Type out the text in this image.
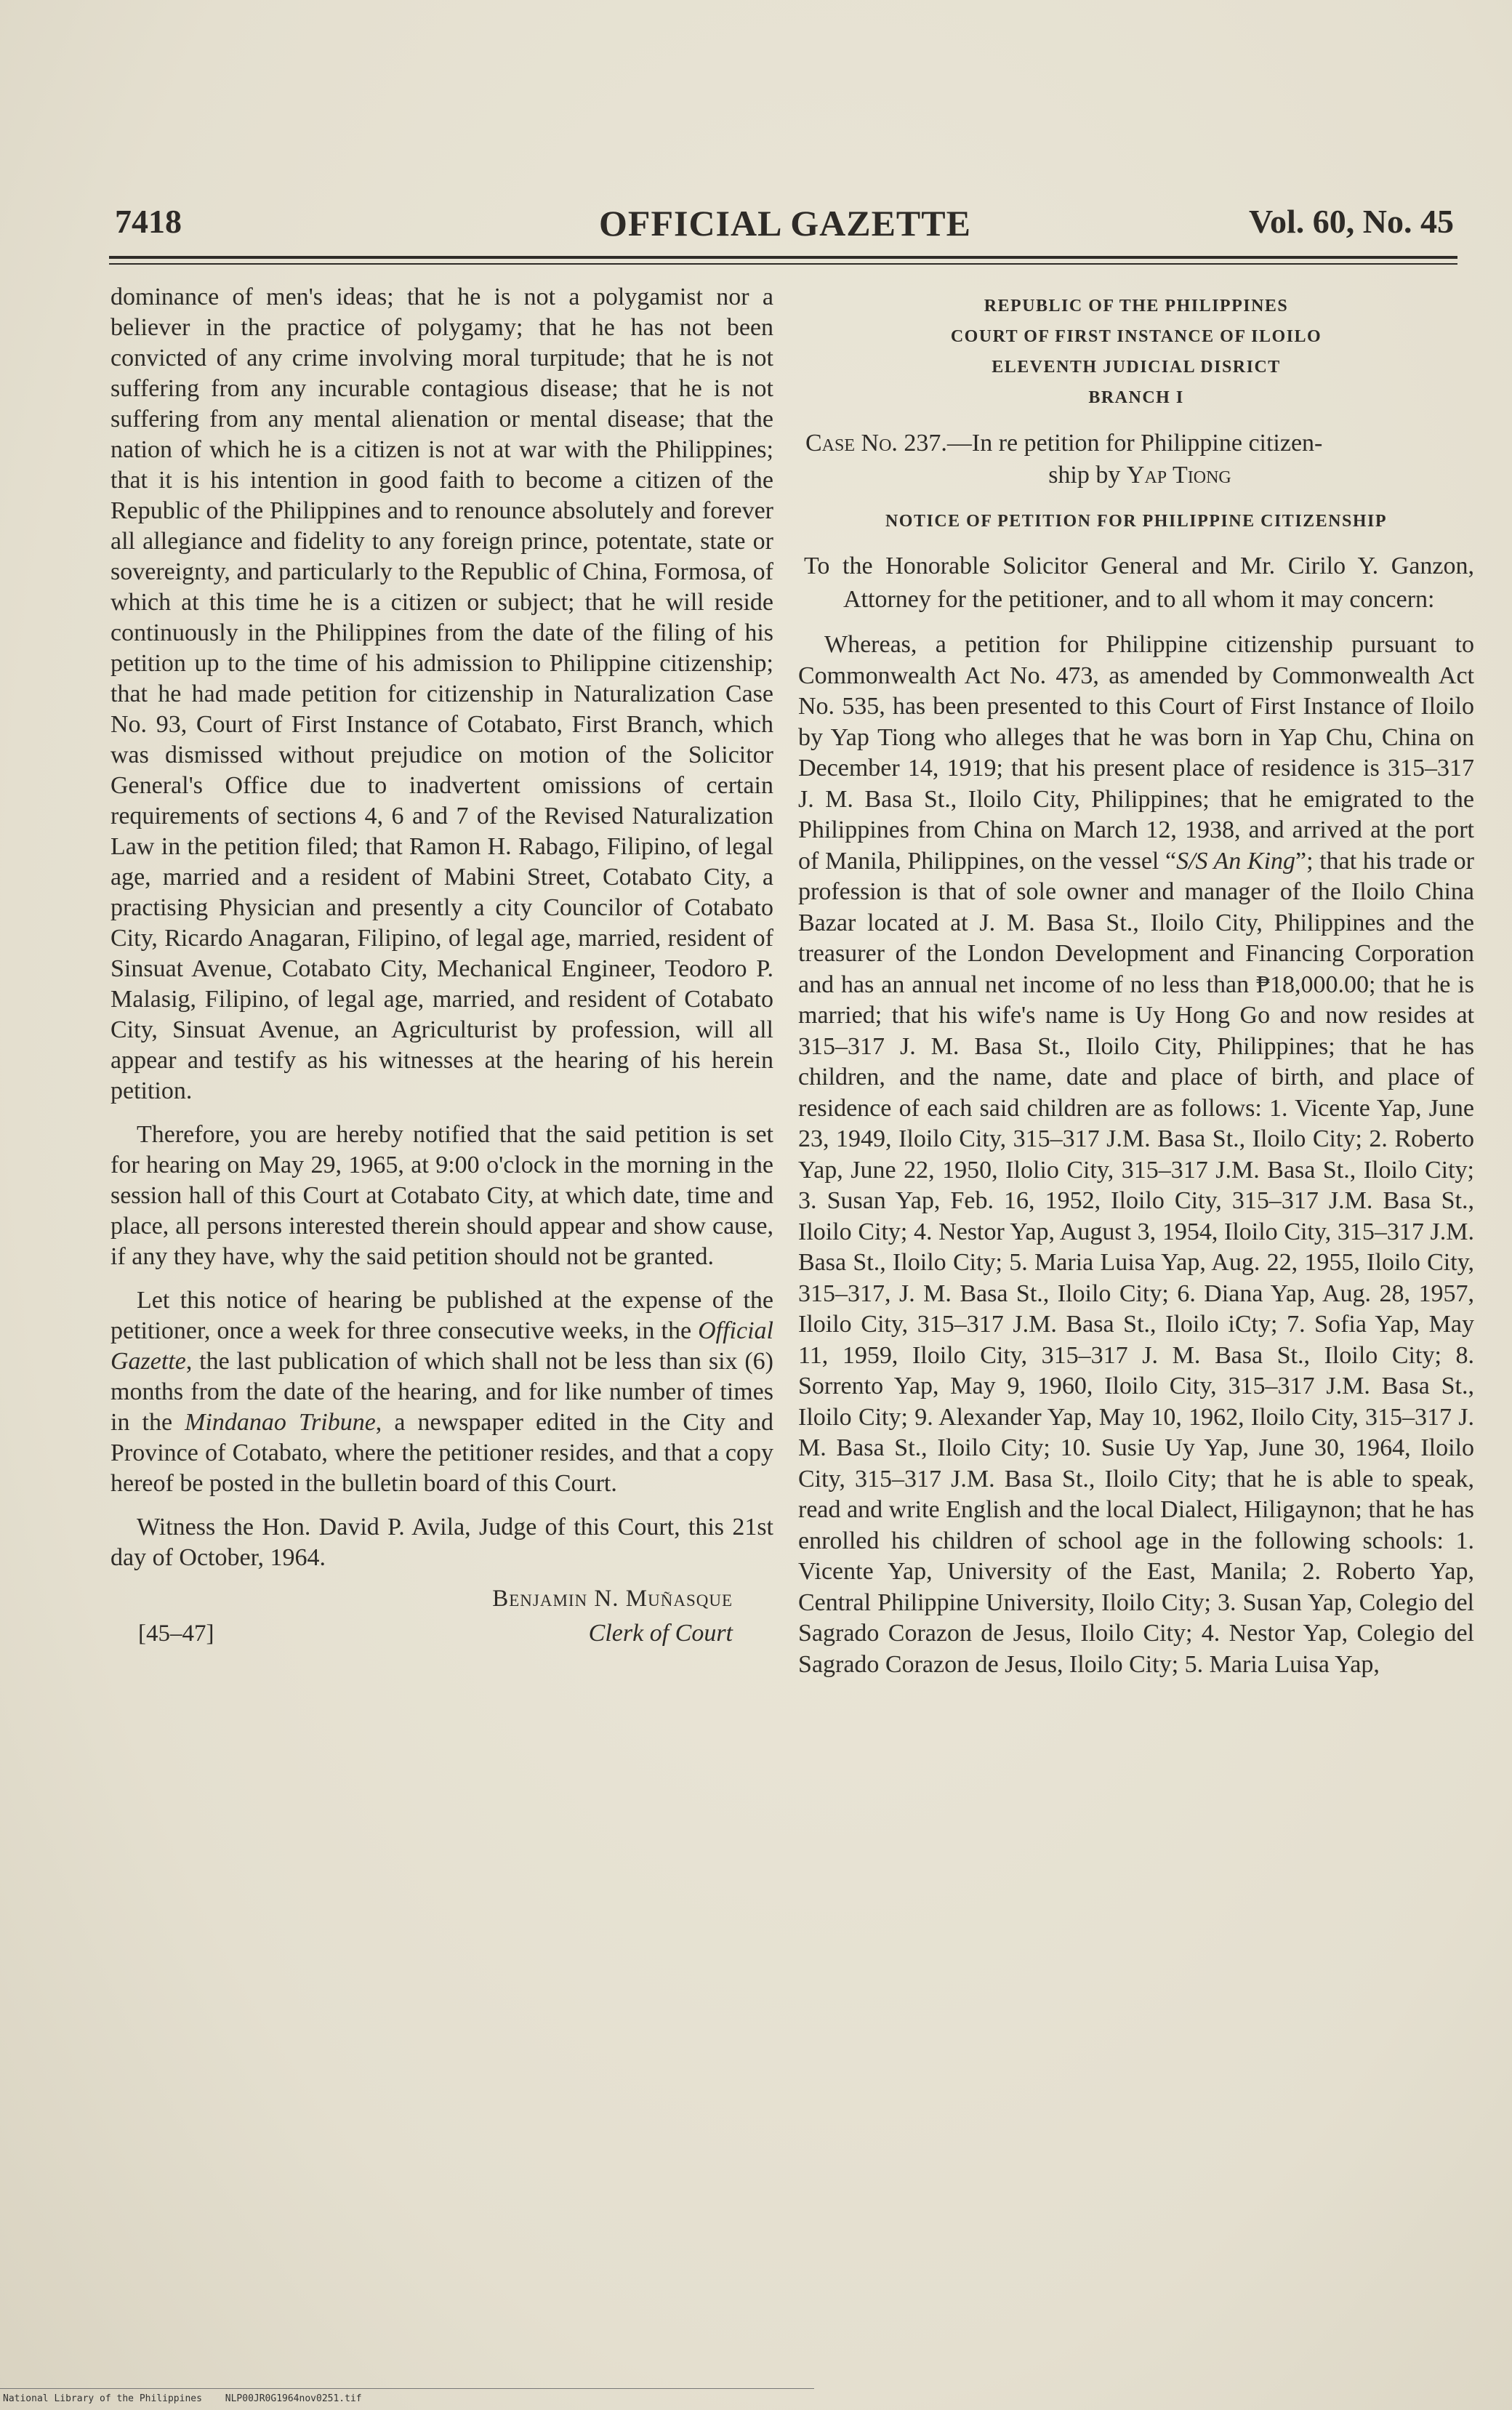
7418	OFFICIAL GAZETTE	Vol. 60, No. 45

dominance of men's ideas; that he is not a polygamist nor a believer in the practice of polygamy; that he has not been convicted of any crime involving moral turpitude; that he is not suffering from any incurable contagious disease; that he is not suffering from any mental alienation or mental disease; that the nation of which he is a citizen is not at war with the Philippines; that it is his intention in good faith to become a citizen of the Republic of the Philippines and to renounce absolutely and forever all allegiance and fidelity to any foreign prince, potentate, state or sovereignty, and particularly to the Republic of China, Formosa, of which at this time he is a citizen or subject; that he will reside continuously in the Philippines from the date of the filing of his petition up to the time of his admission to Philippine citizenship; that he had made petition for citizenship in Naturalization Case No. 93, Court of First Instance of Cotabato, First Branch, which was dismissed without prejudice on motion of the Solicitor General's Office due to inadvertent omissions of certain requirements of sections 4, 6 and 7 of the Revised Naturalization Law in the petition filed; that Ramon H. Rabago, Filipino, of legal age, married and a resident of Mabini Street, Cotabato City, a practising Physician and presently a city Councilor of Cotabato City, Ricardo Anagaran, Filipino, of legal age, married, resident of Sinsuat Avenue, Cotabato City, Mechanical Engineer, Teodoro P. Malasig, Filipino, of legal age, married, and resident of Cotabato City, Sinsuat Avenue, an Agriculturist by profession, will all appear and testify as his witnesses at the hearing of his herein petition.

Therefore, you are hereby notified that the said petition is set for hearing on May 29, 1965, at 9:00 o'clock in the morning in the session hall of this Court at Cotabato City, at which date, time and place, all persons interested therein should appear and show cause, if any they have, why the said petition should not be granted.

Let this notice of hearing be published at the expense of the petitioner, once a week for three consecutive weeks, in the Official Gazette, the last publication of which shall not be less than six (6) months from the date of the hearing, and for like number of times in the Mindanao Tribune, a newspaper edited in the City and Province of Cotabato, where the petitioner resides, and that a copy hereof be posted in the bulletin board of this Court.

Witness the Hon. David P. Avila, Judge of this Court, this 21st day of October, 1964.

Benjamin N. Muñasque
[45–47]	Clerk of Court
REPUBLIC OF THE PHILIPPINES
COURT OF FIRST INSTANCE OF ILOILO
ELEVENTH JUDICIAL DISRICT
BRANCH I

Case No. 237.—In re petition for Philippine citizen-
ship by Yap Tiong

NOTICE OF PETITION FOR PHILIPPINE CITIZENSHIP

To the Honorable Solicitor General and Mr. Cirilo Y. Ganzon, Attorney for the petitioner, and to all whom it may concern:

Whereas, a petition for Philippine citizenship pursuant to Commonwealth Act No. 473, as amended by Commonwealth Act No. 535, has been presented to this Court of First Instance of Iloilo by Yap Tiong who alleges that he was born in Yap Chu, China on December 14, 1919; that his present place of residence is 315–317 J. M. Basa St., Iloilo City, Philippines; that he emigrated to the Philippines from China on March 12, 1938, and arrived at the port of Manila, Philippines, on the vessel “S/S An King”; that his trade or profession is that of sole owner and manager of the Iloilo China Bazar located at J. M. Basa St., Iloilo City, Philippines and the treasurer of the London Development and Financing Corporation and has an annual net income of no less than ₱18,000.00; that he is married; that his wife's name is Uy Hong Go and now resides at 315–317 J. M. Basa St., Iloilo City, Philippines; that he has children, and the name, date and place of birth, and place of residence of each said children are as follows: 1. Vicente Yap, June 23, 1949, Iloilo City, 315–317 J.M. Basa St., Iloilo City; 2. Roberto Yap, June 22, 1950, Ilolio City, 315–317 J.M. Basa St., Iloilo City; 3. Susan Yap, Feb. 16, 1952, Iloilo City, 315–317 J.M. Basa St., Iloilo City; 4. Nestor Yap, August 3, 1954, Iloilo City, 315–317 J.M. Basa St., Iloilo City; 5. Maria Luisa Yap, Aug. 22, 1955, Iloilo City, 315–317, J. M. Basa St., Iloilo City; 6. Diana Yap, Aug. 28, 1957, Iloilo City, 315–317 J.M. Basa St., Iloilo iCty; 7. Sofia Yap, May 11, 1959, Iloilo City, 315–317 J. M. Basa St., Iloilo City; 8. Sorrento Yap, May 9, 1960, Iloilo City, 315–317 J.M. Basa St., Iloilo City; 9. Alexander Yap, May 10, 1962, Iloilo City, 315–317 J. M. Basa St., Iloilo City; 10. Susie Uy Yap, June 30, 1964, Iloilo City, 315–317 J.M. Basa St., Iloilo City; that he is able to speak, read and write English and the local Dialect, Hiligaynon; that he has enrolled his children of school age in the following schools: 1. Vicente Yap, University of the East, Manila; 2. Roberto Yap, Central Philippine University, Iloilo City; 3. Susan Yap, Colegio del Sagrado Corazon de Jesus, Iloilo City; 4. Nestor Yap, Colegio del Sagrado Corazon de Jesus, Iloilo City; 5. Maria Luisa Yap,

National Library of the Philippines NLP00JR0G1964nov0251.tif
